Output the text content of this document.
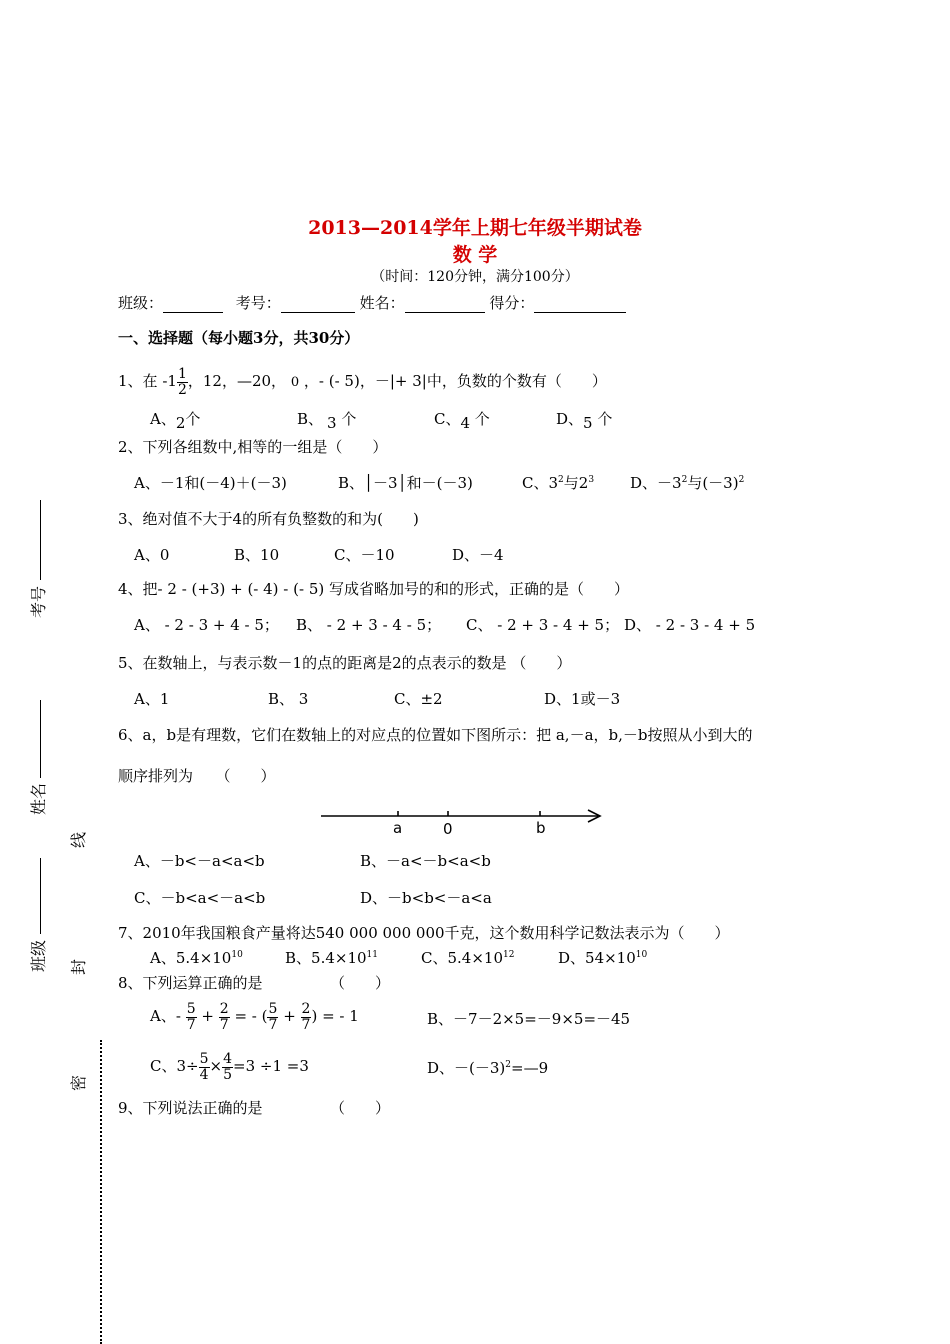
2013—2014学年上期七年级半期试卷
数 学
（时间：120分钟，满分100分）
班级：	考号：	姓名：	得分：
一、选择题（每小题3分，共30分）
1、在 $-1 \frac{1}{2}$ ，12，—20， 0 ，- (- 5)，－|+ 3|中，负数的个数有（　　）
A、2个	B、 3 个	C、4 个	D、5 个
2、下列各组数中,相等的一组是（　　）
A、－1和(－4)＋(－3)	B、│－3│和－(－3)	C、$3^2$与$2^3$ D、$-3^2$与$(-3)^2$
3、绝对值不大于4的所有负整数的和为(　　)
A、0	B、10	C、－10	D、－4
4、把- 2 - (+3) + (- 4) - (- 5) 写成省略加号的和的形式，正确的是（　　）
A、 - 2 - 3 + 4 - 5； B、 - 2 + 3 - 4 - 5； C、 - 2 + 3 - 4 + 5； D、 - 2 - 3 - 4 + 5
5、在数轴上，与表示数－1的点的距离是2的点表示的数是 （　　）
A、1	B、 3	C、±2	D、1或－3
6、a，b是有理数，它们在数轴上的对应点的位置如下图所示：把 a,－a，b,－b按照从小到大的
顺序排列为　　（　　）
a	0	b
A、－b<－a<a<b	B、－a<－b<a<b
C、－b<a<－a<b	D、－b<b<－a<a
7、2010年我国粮食产量将达540 000 000 000千克，这个数用科学记数法表示为（　　）
A、$5.4\times 10^{10}$	B、$5.4\times 10^{11}$	C、$5.4\times 10^{12}$	D、$54\times 10^{10}$
8、下列运算正确的是　　　　　（　　）
A、- $\frac{5}{7} + \frac{2}{7}$ = - ( $\frac{5}{7} + \frac{2}{7}$ ) = - 1	B、－7－2×5=－9×5=－45
C、$3\div \frac{5}{4} \times \frac{4}{5} =3 \div 1 =3$	D、$-(-3)^2=—9$
9、下列说法正确的是　　　　　（　　）
考号
姓名
班级
线
封
密
